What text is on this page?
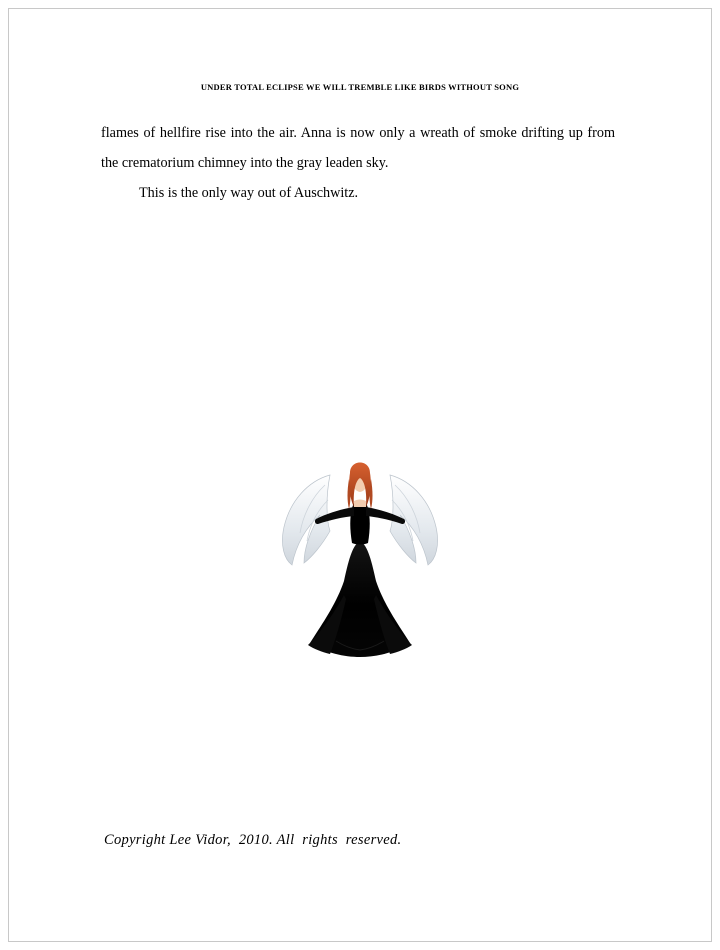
UNDER TOTAL ECLIPSE WE WILL TREMBLE LIKE BIRDS WITHOUT SONG

flames of hellfire rise into the air. Anna is now only a wreath of smoke drifting up from the crematorium chimney into the gray leaden sky.

This is the only way out of Auschwitz.

Copyright Lee Vidor,  2010. All  rights  reserved.
